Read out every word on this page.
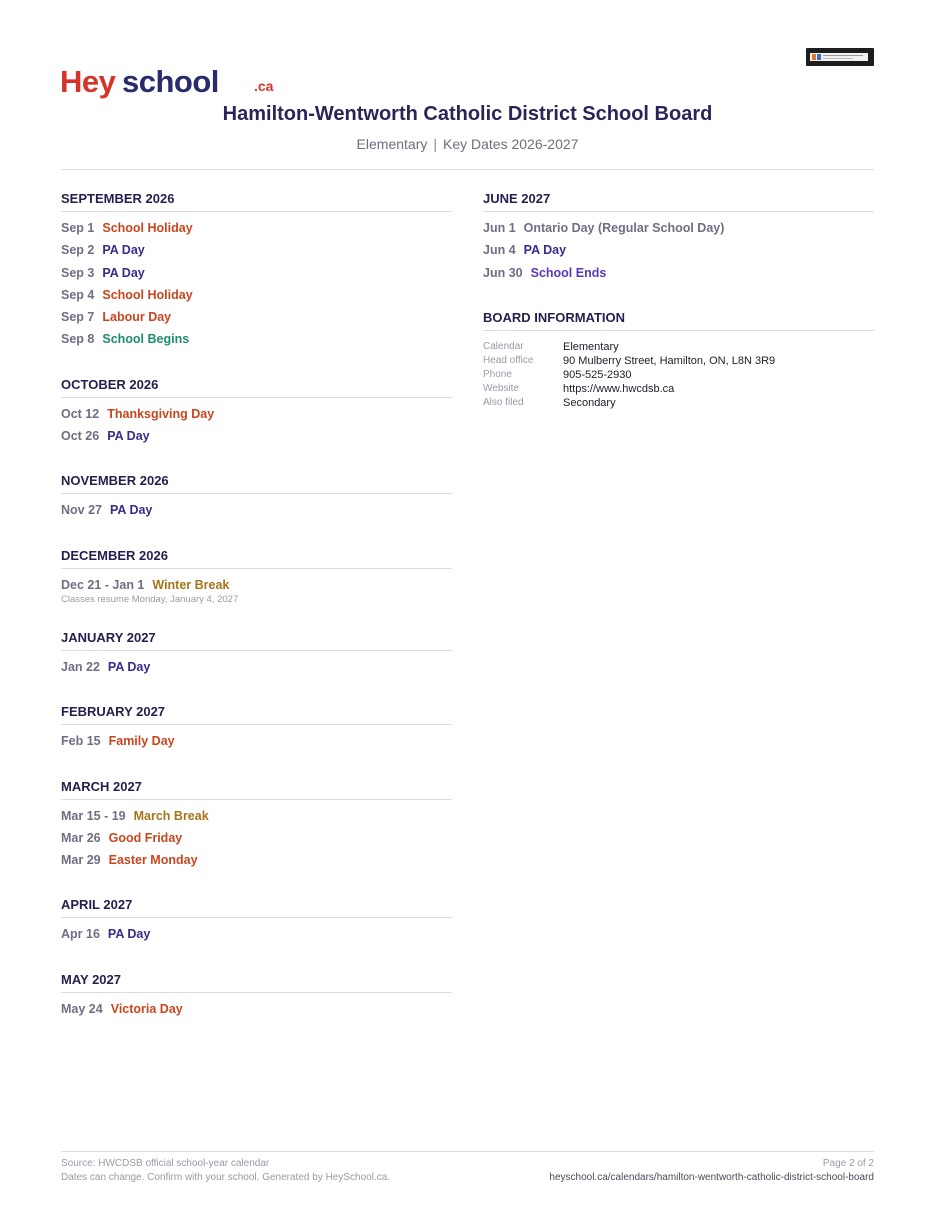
Hey school	.ca
Hamilton-Wentworth Catholic District School Board
Elementary | Key Dates 2026-2027
SEPTEMBER 2026
Sep 1 School Holiday
Sep 2 PA Day
Sep 3 PA Day
Sep 4 School Holiday
Sep 7 Labour Day
Sep 8 School Begins
OCTOBER 2026
Oct 12 Thanksgiving Day
Oct 26 PA Day
NOVEMBER 2026
Nov 27 PA Day
DECEMBER 2026
Dec 21 - Jan 1 Winter Break
Classes resume Monday, January 4, 2027
JANUARY 2027
Jan 22 PA Day
FEBRUARY 2027
Feb 15 Family Day
MARCH 2027
Mar 15 - 19 March Break
Mar 26 Good Friday
Mar 29 Easter Monday
APRIL 2027
Apr 16 PA Day
MAY 2027
May 24 Victoria Day
JUNE 2027
Jun 1 Ontario Day (Regular School Day)
Jun 4 PA Day
Jun 30 School Ends
BOARD INFORMATION
Calendar	Elementary
Head office	90 Mulberry Street, Hamilton, ON, L8N 3R9
Phone	905-525-2930
Website	https://www.hwcdsb.ca
Also filed	Secondary
Source: HWCDSB official school-year calendar
Dates can change. Confirm with your school. Generated by HeySchool.ca.
Page 2 of 2
heyschool.ca/calendars/hamilton-wentworth-catholic-district-school-board
